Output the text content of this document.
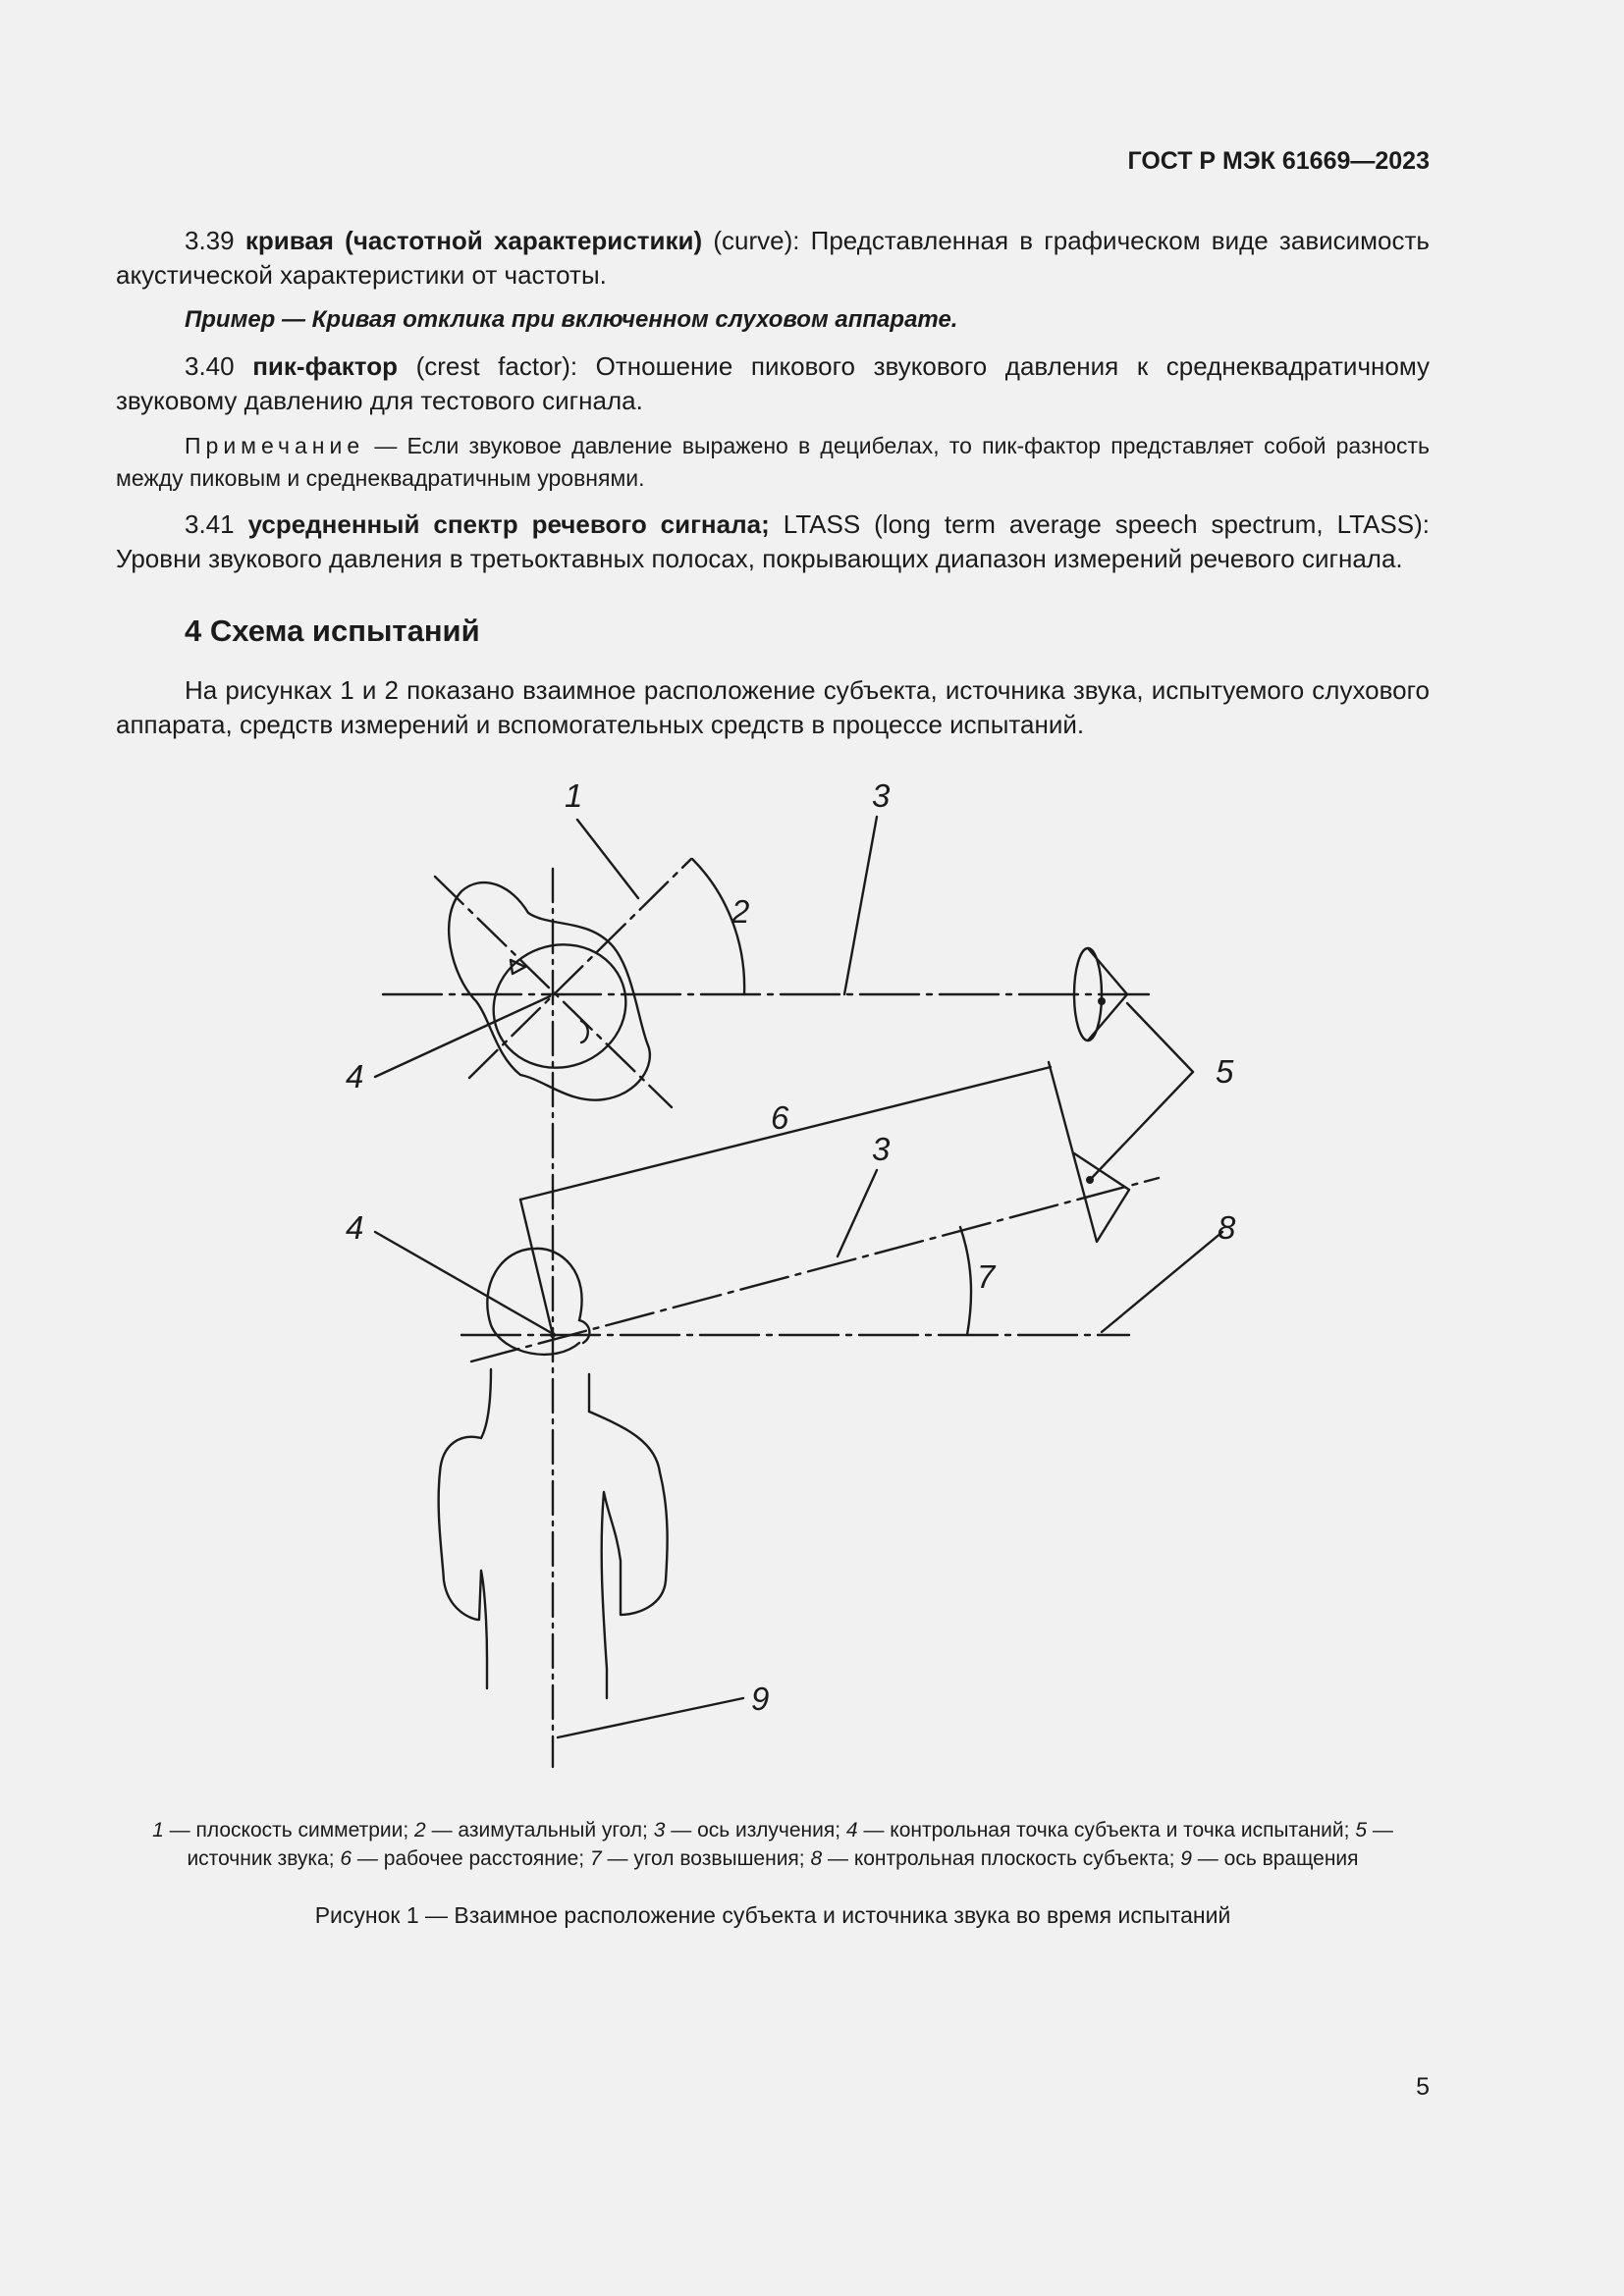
ГОСТ Р МЭК 61669—2023
3.39 кривая (частотной характеристики) (curve): Представленная в графическом виде зависимость акустической характеристики от частоты.
Пример — Кривая отклика при включенном слуховом аппарате.
3.40 пик-фактор (crest factor): Отношение пикового звукового давления к среднеквадратичному звуковому давлению для тестового сигнала.
Примечание — Если звуковое давление выражено в децибелах, то пик-фактор представляет собой разность между пиковым и среднеквадратичным уровнями.
3.41 усредненный спектр речевого сигнала; LTASS (long term average speech spectrum, LTASS): Уровни звукового давления в третьоктавных полосах, покрывающих диапазон измерений речевого сигнала.
4 Схема испытаний
На рисунках 1 и 2 показано взаимное расположение субъекта, источника звука, испытуемого слухового аппарата, средств измерений и вспомогательных средств в процессе испытаний.
1	3
2
4	5
6
3
4	8
7
9
1 — плоскость симметрии; 2 — азимутальный угол; 3 — ось излучения; 4 — контрольная точка субъекта и точка испытаний; 5 — источник звука; 6 — рабочее расстояние; 7 — угол возвышения; 8 — контрольная плоскость субъекта; 9 — ось вращения
Рисунок 1 — Взаимное расположение субъекта и источника звука во время испытаний
5
